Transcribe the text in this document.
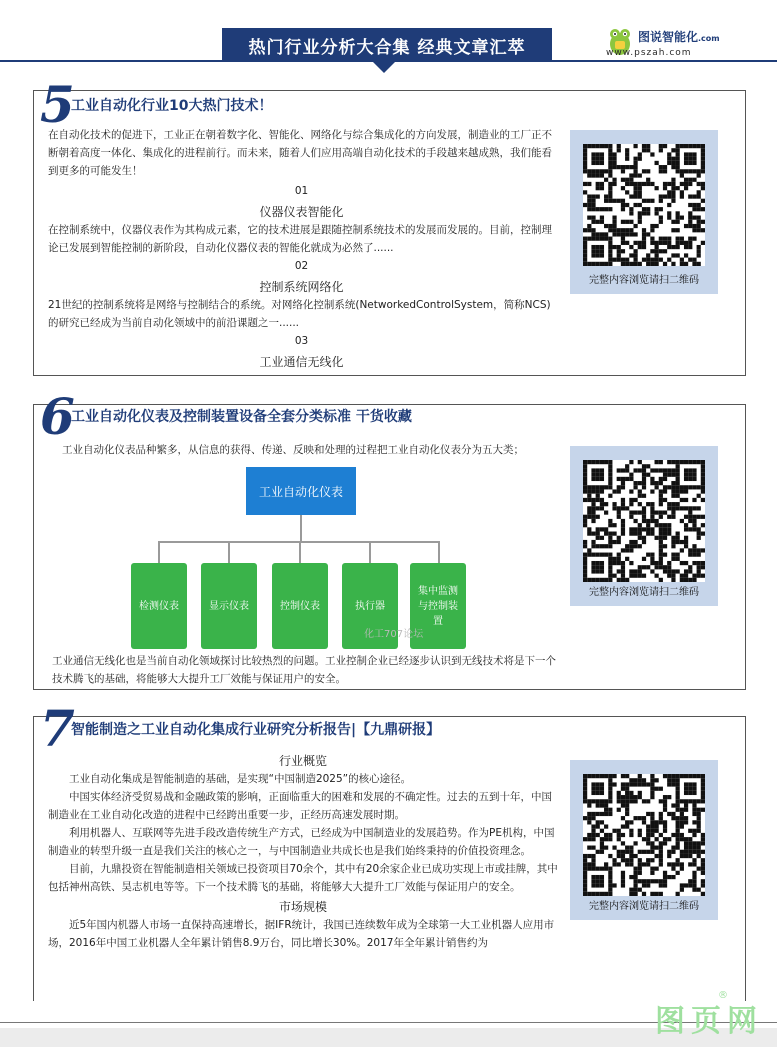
热门行业分析大合集 经典文章汇萃
图说智能化.com
www.pszah.com
5
工业自动化行业10大热门技术！

在自动化技术的促进下，工业正在朝着数字化、智能化、网络化与综合集成化的方向发展，制造业的工厂正不断朝着高度一体化、集成化的进程前行。而未来，随着人们应用高端自动化技术的手段越来越成熟，我们能看到更多的可能发生！

01

仪器仪表智能化

在控制系统中，仪器仪表作为其构成元素，它的技术进展是跟随控制系统技术的发展而发展的。目前，控制理论已发展到智能控制的新阶段，自动化仪器仪表的智能化就成为必然了......

02

控制系统网络化

21世纪的控制系统将是网络与控制结合的系统。对网络化控制系统(NetworkedControlSystem，简称NCS)的研究已经成为当前自动化领域中的前沿课题之一......

03

工业通信无线化

完整内容浏览请扫二维码
6
工业自动化仪表及控制装置设备全套分类标准 干货收藏
工业自动化仪表品种繁多，从信息的获得、传递、反映和处理的过程把工业自动化仪表分为五大类；
工业自动化仪表
检测仪表	显示仪表	控制仪表	执行器
集中监测与控制装置
化工707论坛
工业通信无线化也是当前自动化领域探讨比较热烈的问题。工业控制企业已经逐步认识到无线技术将是下一个技术腾飞的基础，将能够大大提升工厂效能与保证用户的安全。
完整内容浏览请扫二维码
7
智能制造之工业自动化集成行业研究分析报告|【九鼎研报】

行业概览

工业自动化集成是智能制造的基础，是实现“中国制造2025”的核心途径。

中国实体经济受贸易战和金融政策的影响，正面临重大的困难和发展的不确定性。过去的五到十年，中国制造业在工业自动化改造的进程中已经跨出重要一步，正经历高速发展时期。

利用机器人、互联网等先进手段改造传统生产方式，已经成为中国制造业的发展趋势。作为PE机构，中国制造业的转型升级一直是我们关注的核心之一，与中国制造业共成长也是我们始终秉持的价值投资理念。

目前，九鼎投资在智能制造相关领域已投资项目70余个，其中有20余家企业已成功实现上市或挂牌，其中包括神州高铁、昊志机电等等。下一个技术腾飞的基础，将能够大大提升工厂效能与保证用户的安全。

市场规模

近5年国内机器人市场一直保持高速增长，据IFR统计，我国已连续数年成为全球第一大工业机器人应用市场，2016年中国工业机器人全年累计销售8.9万台，同比增长30%。2017年全年累计销售约为

完整内容浏览请扫二维码
图页网
®
